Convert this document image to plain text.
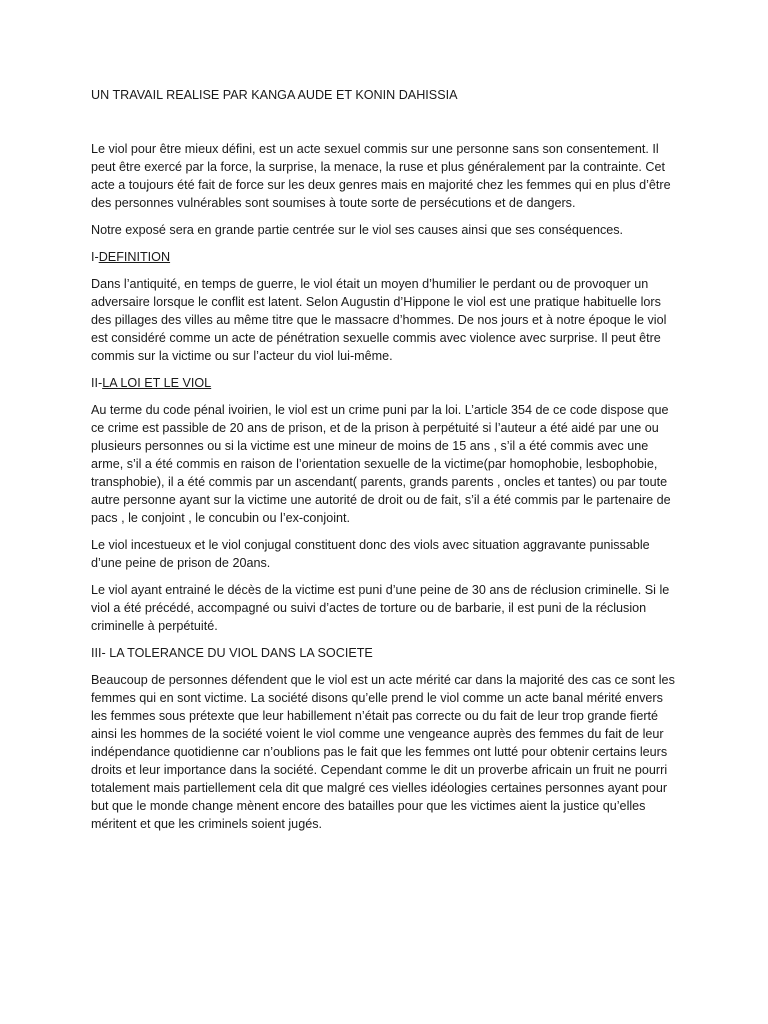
UN TRAVAIL REALISE PAR KANGA AUDE ET KONIN DAHISSIA

Le viol pour être mieux défini, est un acte sexuel commis sur une personne sans son consentement. Il peut être exercé par la force, la surprise, la menace, la ruse et plus généralement par la contrainte. Cet acte a toujours été fait de force sur les deux genres mais en majorité chez les femmes qui en plus d’être des personnes vulnérables sont soumises à toute sorte de persécutions et de dangers.

Notre exposé sera en grande partie centrée sur le viol ses causes ainsi que ses conséquences.

I-DEFINITION

Dans l’antiquité, en temps de guerre, le viol était un moyen d’humilier le perdant ou de provoquer un adversaire lorsque le conflit est latent. Selon Augustin d’Hippone le viol est une pratique habituelle lors des pillages des villes au même titre que le massacre d’hommes. De nos jours et à notre époque le viol est considéré comme un acte de pénétration sexuelle commis avec violence avec surprise. Il peut être commis sur la victime ou sur l’acteur du viol lui-même.

II-LA LOI ET LE VIOL

Au terme du code pénal ivoirien, le viol est un crime puni par la loi. L’article 354 de ce code dispose que ce crime est passible de 20 ans de prison, et de la prison à perpétuité si l’auteur a été aidé par une ou plusieurs personnes ou si la victime est une mineur de moins de 15 ans , s’il a été commis avec une arme, s’il a été commis en raison de l’orientation sexuelle de la victime(par homophobie, lesbophobie, transphobie), il a été commis par un ascendant( parents, grands parents , oncles et tantes) ou par toute autre personne ayant sur la victime une autorité de droit ou de fait, s’il a été commis par le partenaire de pacs , le conjoint , le concubin ou l’ex-conjoint.

Le viol incestueux et le viol conjugal constituent donc des viols avec situation aggravante punissable d’une peine de prison de 20ans.

Le viol ayant entrainé le décès de la victime est puni d’une peine de 30 ans de réclusion criminelle. Si le viol a été précédé, accompagné ou suivi d’actes de torture ou de barbarie, il est puni de la réclusion criminelle à perpétuité.

III- LA TOLERANCE DU VIOL DANS LA SOCIETE

Beaucoup de personnes défendent que le viol est un acte mérité car dans la majorité des cas ce sont les femmes qui en sont victime. La société disons qu’elle prend le viol comme un acte banal mérité envers les femmes sous prétexte que leur habillement n’était pas correcte ou du fait de leur trop grande fierté ainsi les hommes de la société voient le viol comme une vengeance auprès des femmes du fait de leur indépendance quotidienne car n’oublions pas le fait que les femmes ont lutté pour obtenir certains leurs droits et leur importance dans la société. Cependant comme le dit un proverbe africain un fruit ne pourri totalement mais partiellement cela dit que malgré ces vielles idéologies certaines personnes ayant pour but que le monde change mènent encore des batailles pour que les victimes aient la justice qu’elles méritent et que les criminels soient jugés.
